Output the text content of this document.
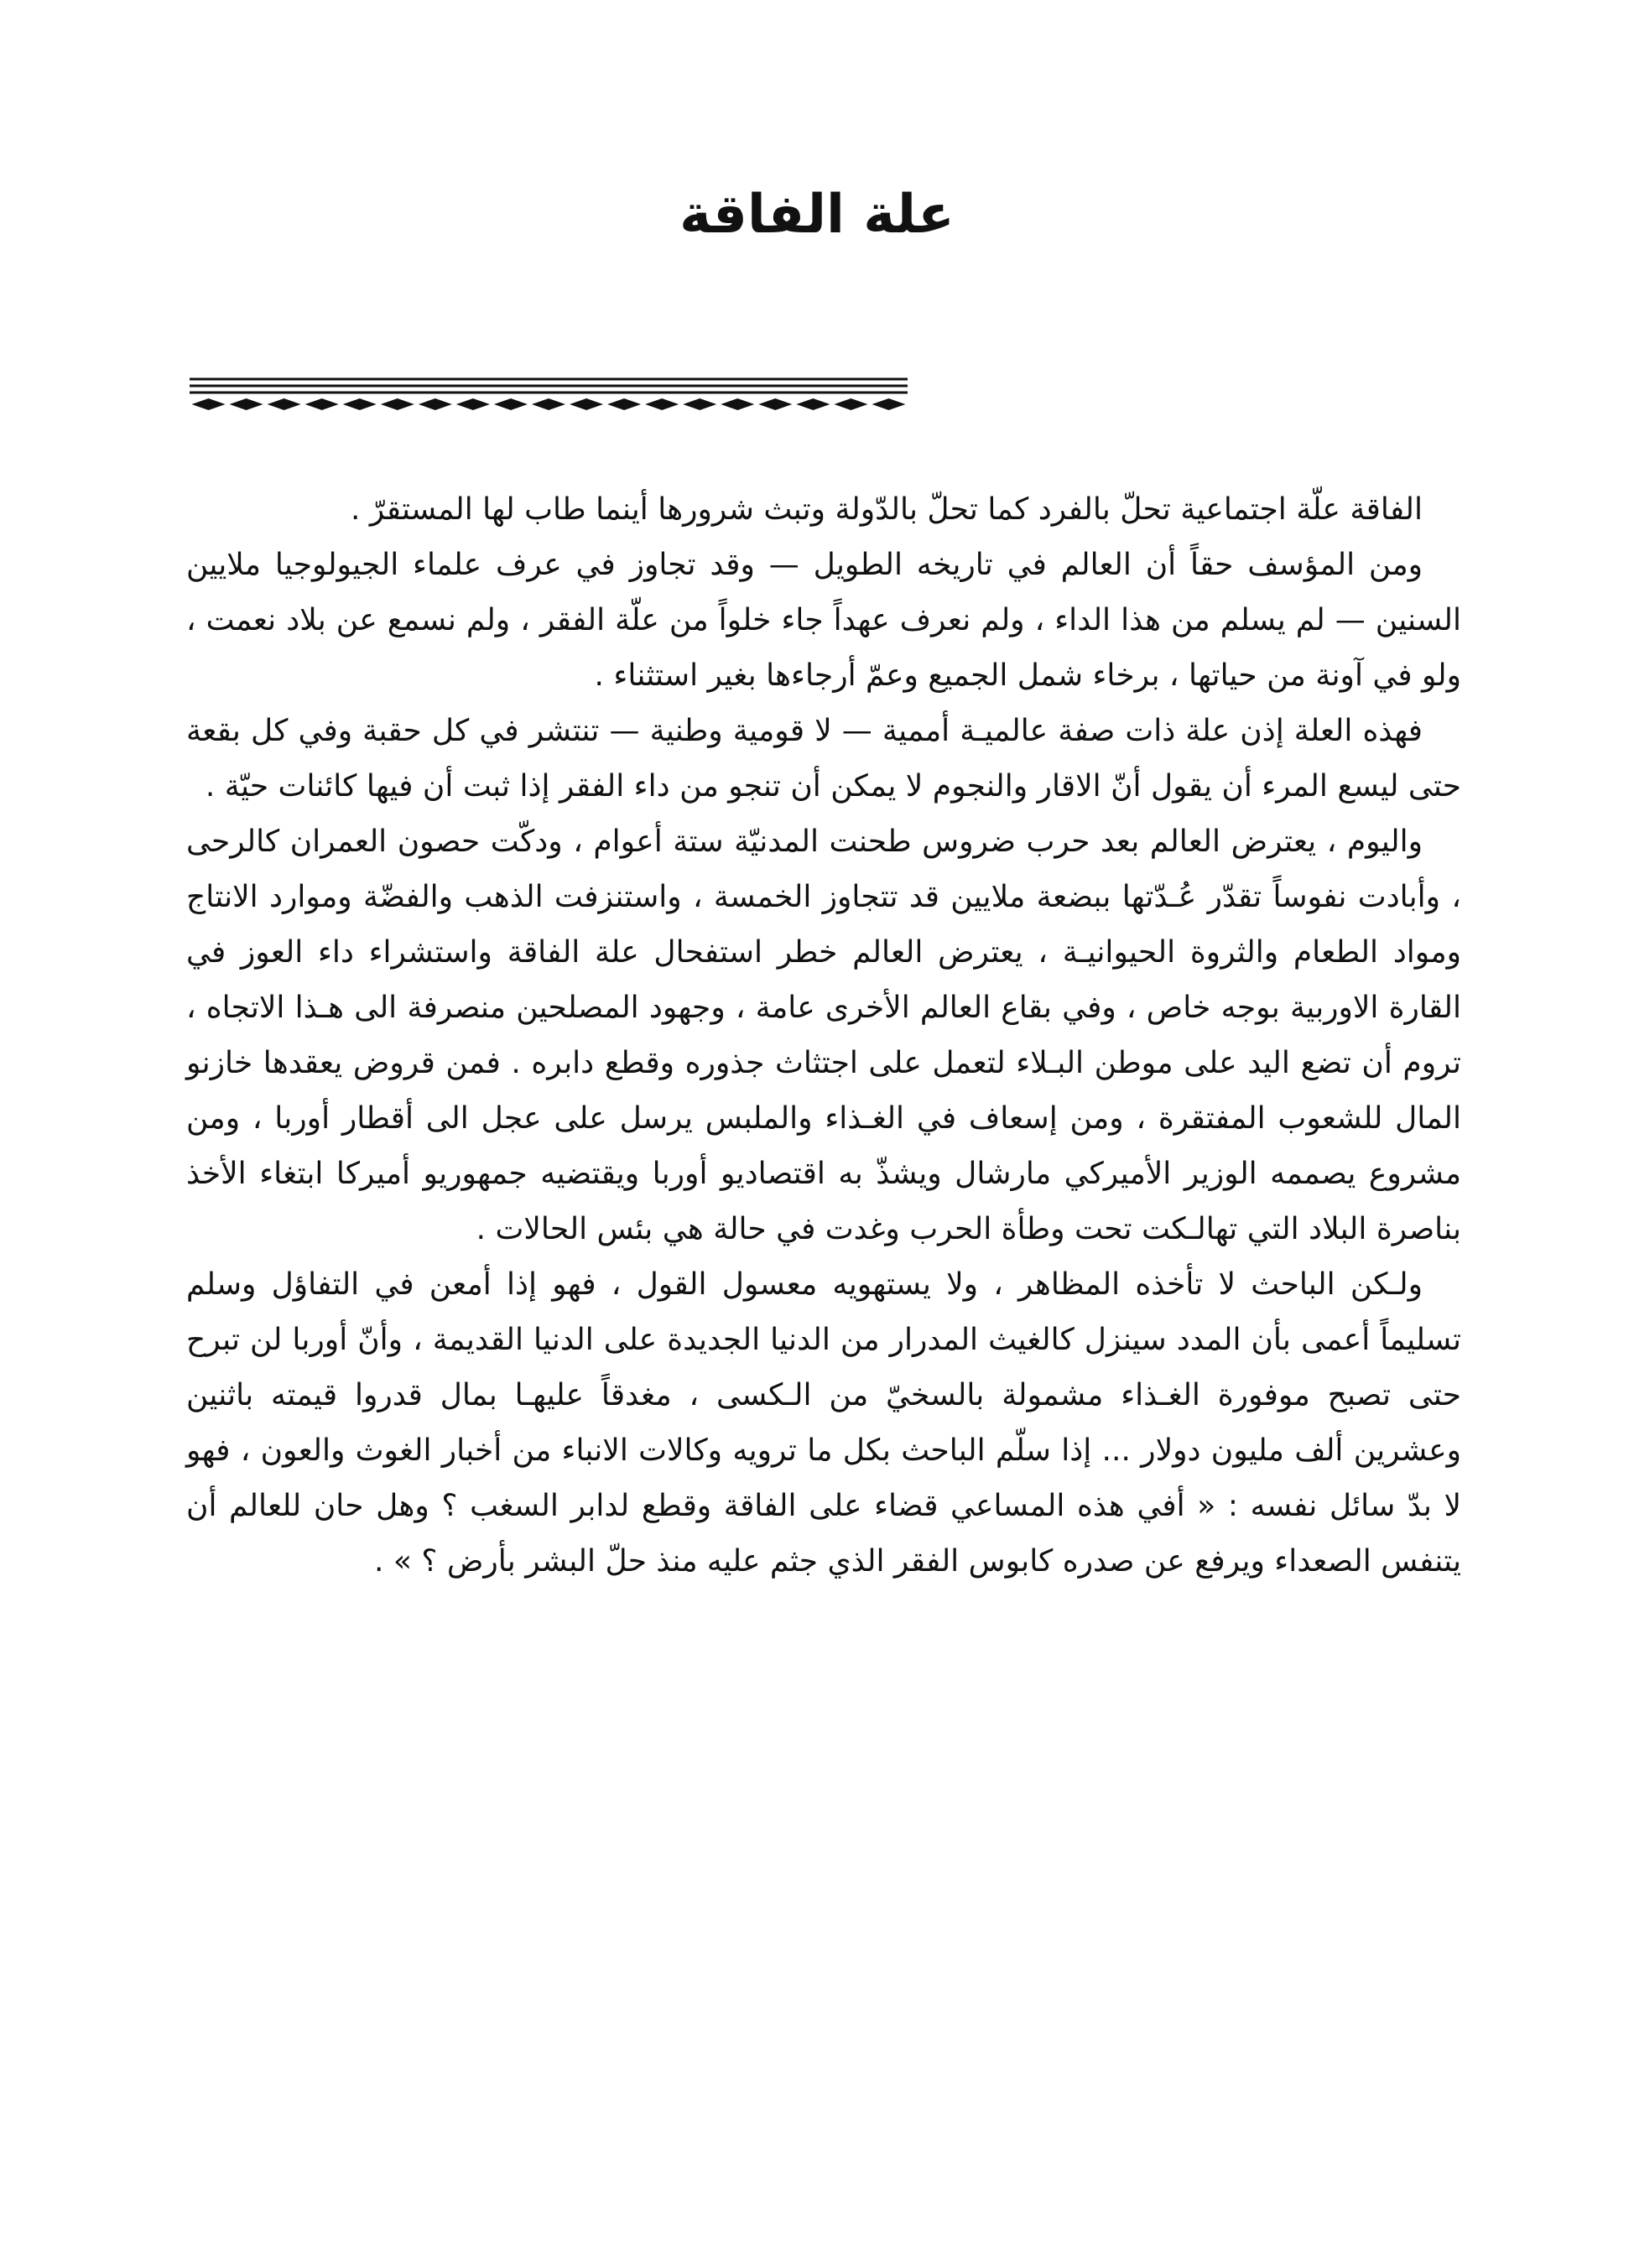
علة الفاقة

الفاقة علّة اجتماعية تحلّ بالفرد كما تحلّ بالدّولة وتبث شرورها أينما طاب لها المستقرّ .

ومن المؤسف حقاً أن العالم في تاريخه الطويل — وقد تجاوز في عرف علماء الجيولوجيا ملايين السنين — لم يسلم من هذا الداء ، ولم نعرف عهداً جاء خلواً من علّة الفقر ، ولم نسمع عن بلاد نعمت ، ولو في آونة من حياتها ، برخاء شمل الجميع وعمّ أرجاءها بغير استثناء .

فهذه العلة إذن علة ذات صفة عالميـة أممية — لا قومية وطنية — تنتشر في كل حقبة وفي كل بقعة حتى ليسع المرء أن يقول أنّ الاقار والنجوم لا يمكن أن تنجو من داء الفقر إذا ثبت أن فيها كائنات حيّة .

واليوم ، يعترض العالم بعد حرب ضروس طحنت المدنيّة ستة أعوام ، ودكّت حصون العمران كالرحى ، وأبادت نفوساً تقدّر عُـدّتها ببضعة ملايين قد تتجاوز الخمسة ، واستنزفت الذهب والفضّة وموارد الانتاج ومواد الطعام والثروة الحيوانيـة ، يعترض العالم خطر استفحال علة الفاقة واستشراء داء العوز في القارة الاوربية بوجه خاص ، وفي بقاع العالم الأخرى عامة ، وجهود المصلحين منصرفة الى هـذا الاتجاه ، تروم أن تضع اليد على موطن البـلاء لتعمل على اجتثاث جذوره وقطع دابره . فمن قروض يعقدها خازنو المال للشعوب المفتقرة ، ومن إسعاف في الغـذاء والملبس يرسل على عجل الى أقطار أوربا ، ومن مشروع يصممه الوزير الأميركي مارشال ويشذّ به اقتصاديو أوربا ويقتضيه جمهوريو أميركا ابتغاء الأخذ بناصرة البلاد التي تهالـكت تحت وطأة الحرب وغدت في حالة هي بئس الحالات .

ولـكن الباحث لا تأخذه المظاهر ، ولا يستهويه معسول القول ، فهو إذا أمعن في التفاؤل وسلم تسليماً أعمى بأن المدد سينزل كالغيث المدرار من الدنيا الجديدة على الدنيا القديمة ، وأنّ أوربا لن تبرح حتى تصبح موفورة الغـذاء مشمولة بالسخيّ من الـكسى ، مغدقاً عليهـا بمال قدروا قيمته باثنين وعشرين ألف مليون دولار ... إذا سلّم الباحث بكل ما ترويه وكالات الانباء من أخبار الغوث والعون ، فهو لا بدّ سائل نفسه : « أفي هذه المساعي قضاء على الفاقة وقطع لدابر السغب ؟ وهل حان للعالم أن يتنفس الصعداء ويرفع عن صدره كابوس الفقر الذي جثم عليه منذ حلّ البشر بأرض ؟ » .
